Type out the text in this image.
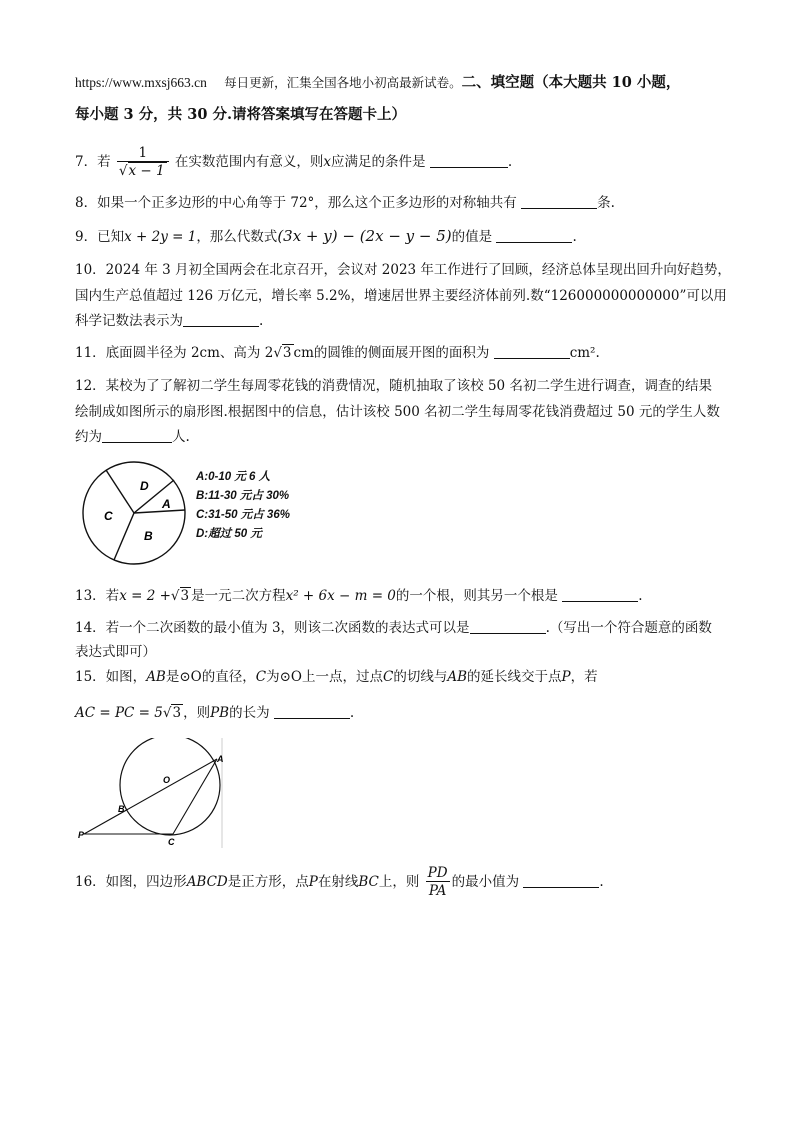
https://www.mxsj663.cn 每日更新，汇集全国各地小初高最新试卷。二、填空题（本大题共 10 小题，
每小题 3 分，共 30 分.请将答案填写在答题卡上）
7．若 $\frac{1}{√x - 1}$ 在实数范围内有意义，则x应满足的条件是	.
8．如果一个正多边形的中心角等于 72°，那么这个正多边形的对称轴共有	条.
9．已知x + 2y = 1，那么代数式(3x + y) − (2x − y − 5)的值是	.
10．2024 年 3 月初全国两会在北京召开，会议对 2023 年工作进行了回顾，经济总体呈现出回升向好趋势，
国内生产总值超过 126 万亿元，增长率 5.2%，增速居世界主要经济体前列.数“126000000000000”可以用
科学记数法表示为	.
11．底面圆半径为 2cm、高为 2√3 cm的圆锥的侧面展开图的面积为	cm².
12．某校为了了解初二学生每周零花钱的消费情况，随机抽取了该校 50 名初二学生进行调查，调查的结果
绘制成如图所示的扇形图.根据图中的信息，估计该校 500 名初二学生每周零花钱消费超过 50 元的学生人数
约为	人.
D
A
C
B
A:0-10 元 6 人
B:11-30 元占 30%
C:31-50 元占 36%
D:超过 50 元
13．若x = 2 +√3 是一元二次方程x² + 6x − m = 0的一个根，则其另一个根是	.
14．若一个二次函数的最小值为 3，则该二次函数的表达式可以是	.（写出一个符合题意的函数
表达式即可）
15．如图，AB是⊙O的直径，C为⊙O上一点，过点C的切线与AB的延长线交于点P，若
AC = PC = 5√3 ，则PB的长为	.
A
O
B
P
C
16．如图，四边形ABCD是正方形，点P在射线BC上，则 $\frac{PD}{PA}$ 的最小值为	.
